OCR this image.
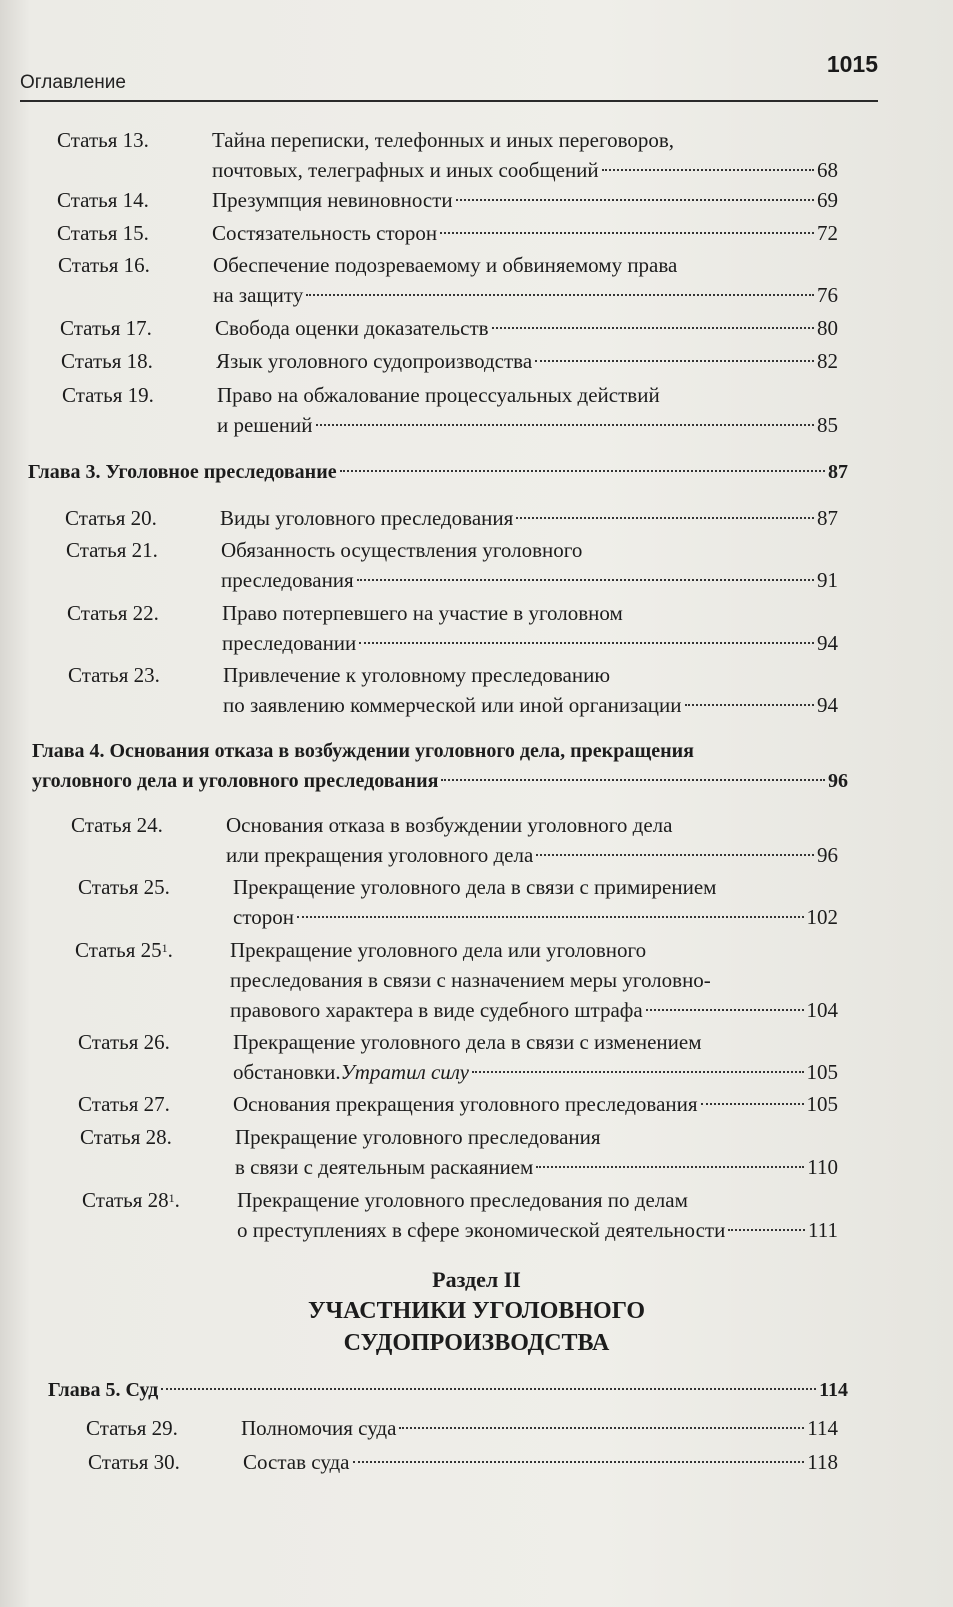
Оглавление
1015
Статья 13.	Тайна переписки, телефонных и иных переговоров,
почтовых, телеграфных и иных сообщений	68
Статья 14.	Презумпция невиновности	69
Статья 15.	Состязательность сторон	72
Статья 16.	Обеспечение подозреваемому и обвиняемому права
на защиту	76
Статья 17.	Свобода оценки доказательств	80
Статья 18.	Язык уголовного судопроизводства	82
Статья 19.	Право на обжалование процессуальных действий
и решений	85
Глава 3. Уголовное преследование	87
Статья 20.	Виды уголовного преследования	87
Статья 21.	Обязанность осуществления уголовного
преследования	91
Статья 22.	Право потерпевшего на участие в уголовном
преследовании	94
Статья 23.	Привлечение к уголовному преследованию
по заявлению коммерческой или иной организации	94
Глава 4. Основания отказа в возбуждении уголовного дела, прекращения
уголовного дела и уголовного преследования	96
Статья 24.	Основания отказа в возбуждении уголовного дела
или прекращения уголовного дела	96
Статья 25.	Прекращение уголовного дела в связи с примирением
сторон	102
Статья $25^1$.	Прекращение уголовного дела или уголовного
преследования в связи с назначением меры уголовно-
правового характера в виде судебного штрафа	104
Статья 26.	Прекращение уголовного дела в связи с изменением
обстановки. Утратил силу	105
Статья 27.	Основания прекращения уголовного преследования	105
Статья 28.	Прекращение уголовного преследования
в связи с деятельным раскаянием	110
Статья $28^1$.	Прекращение уголовного преследования по делам
о преступлениях в сфере экономической деятельности	111
Глава 5. Суд	114
Статья 29.	Полномочия суда	114
Статья 30.	Состав суда	118
Раздел II
УЧАСТНИКИ УГОЛОВНОГО
СУДОПРОИЗВОДСТВА
